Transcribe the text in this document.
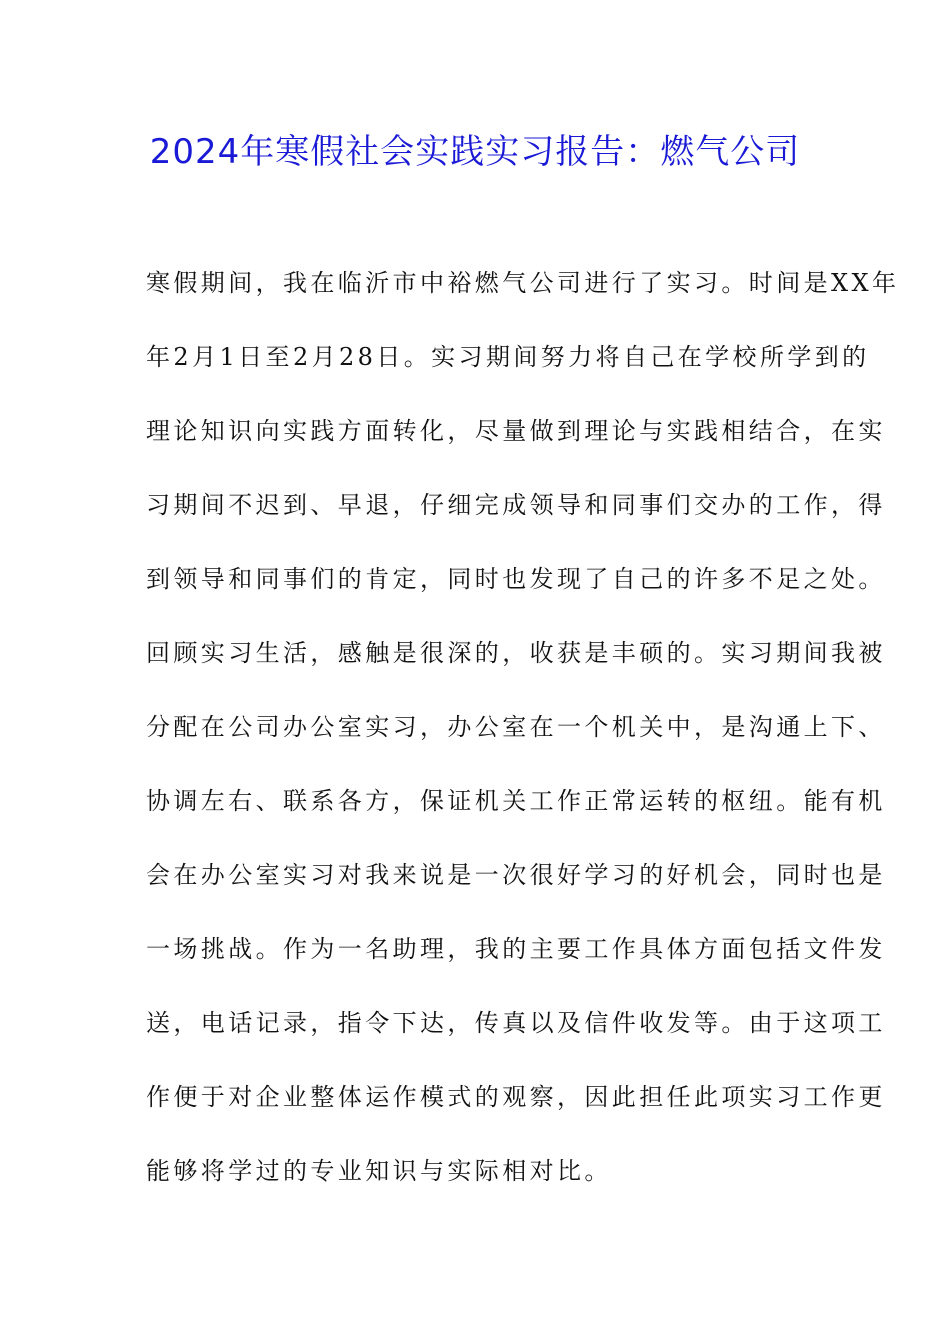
2024年寒假社会实践实习报告：燃气公司
寒假期间，我在临沂市中裕燃气公司进行了实习。时间是XX年
年2月1日至2月28日。实习期间努力将自己在学校所学到的
理论知识向实践方面转化，尽量做到理论与实践相结合，在实
习期间不迟到、早退，仔细完成领导和同事们交办的工作，得
到领导和同事们的肯定，同时也发现了自己的许多不足之处。
回顾实习生活，感触是很深的，收获是丰硕的。实习期间我被
分配在公司办公室实习，办公室在一个机关中，是沟通上下、
协调左右、联系各方，保证机关工作正常运转的枢纽。能有机
会在办公室实习对我来说是一次很好学习的好机会，同时也是
一场挑战。作为一名助理，我的主要工作具体方面包括文件发
送，电话记录，指令下达，传真以及信件收发等。由于这项工
作便于对企业整体运作模式的观察，因此担任此项实习工作更
能够将学过的专业知识与实际相对比。
